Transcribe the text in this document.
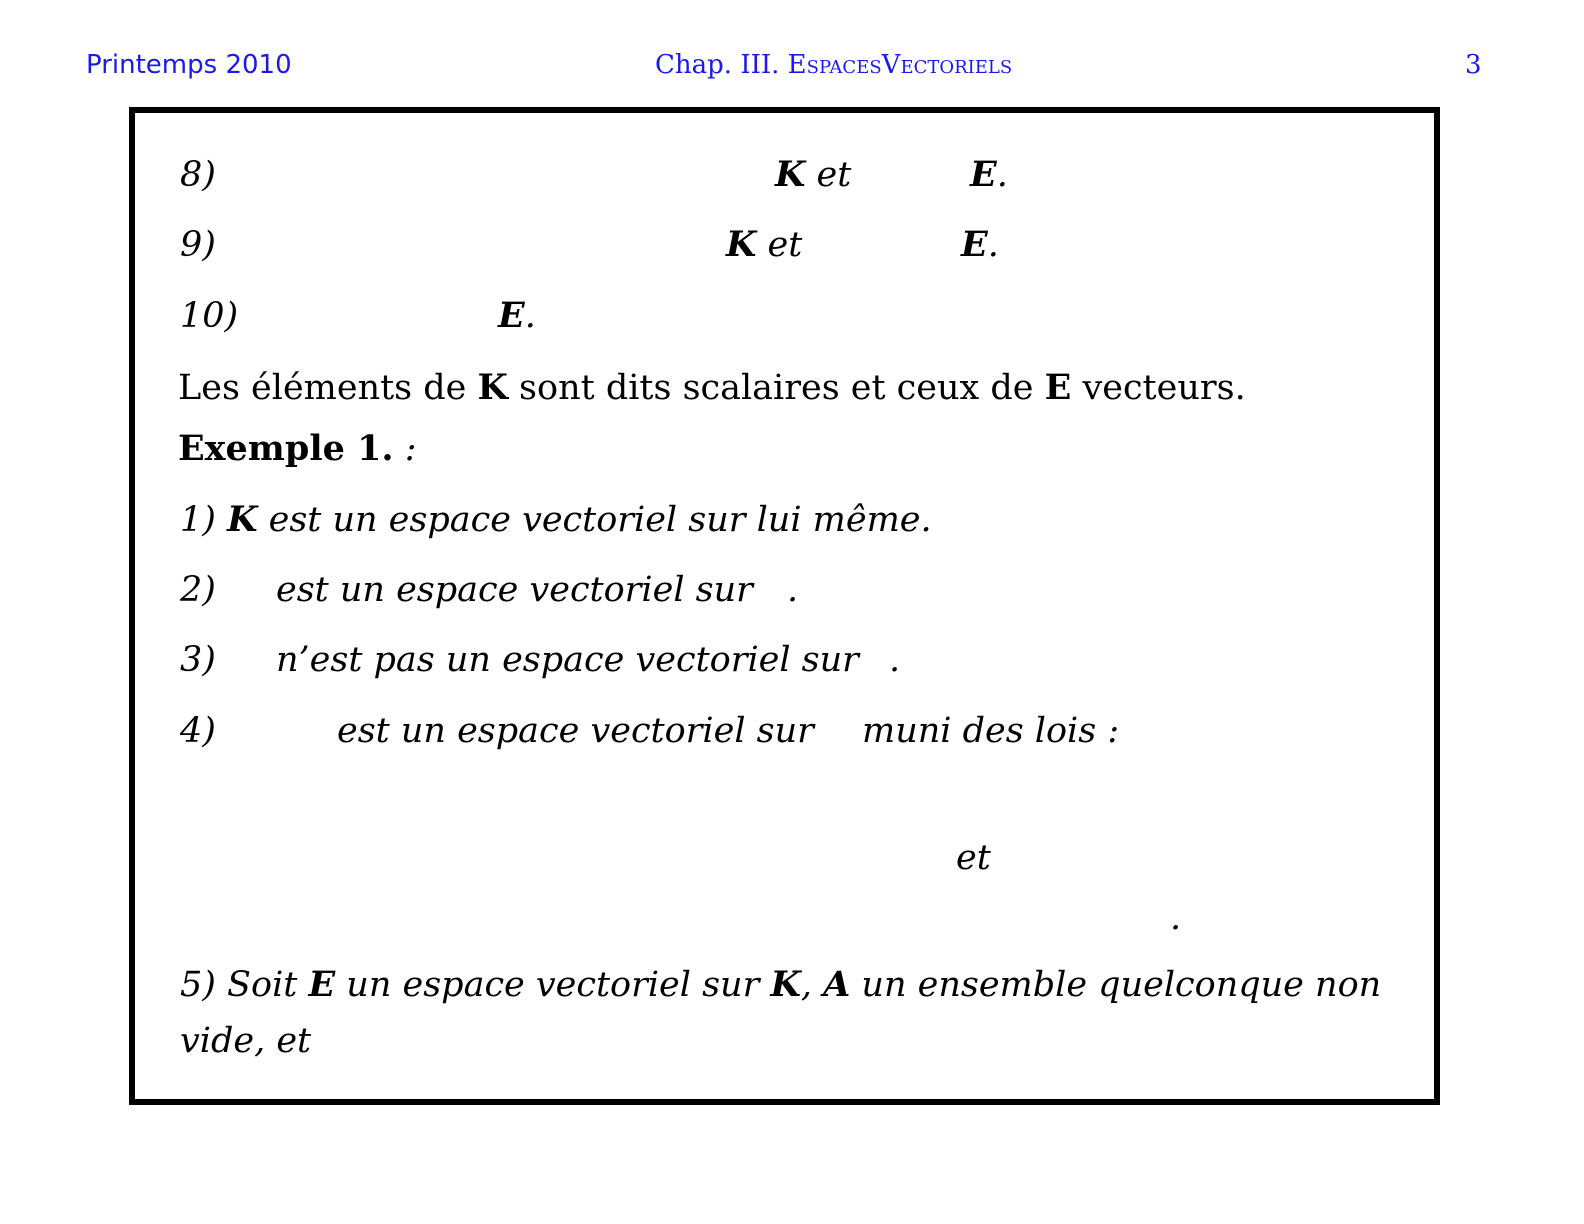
Printemps 2010	Chap. III. EspacesVectoriels	3
8)	K et	E.
9)	K et	E.
10)	E.
Les éléments de K sont dits scalaires et ceux de E vecteurs.
Exemple 1. :
1) K est un espace vectoriel sur lui même.
2) est un espace vectoriel sur .
3) n’est pas un espace vectoriel sur .
4)	est un espace vectoriel sur muni des lois :
et
.
5) Soit E un espace vectoriel sur K, A un ensemble quelconque non
vide, et
